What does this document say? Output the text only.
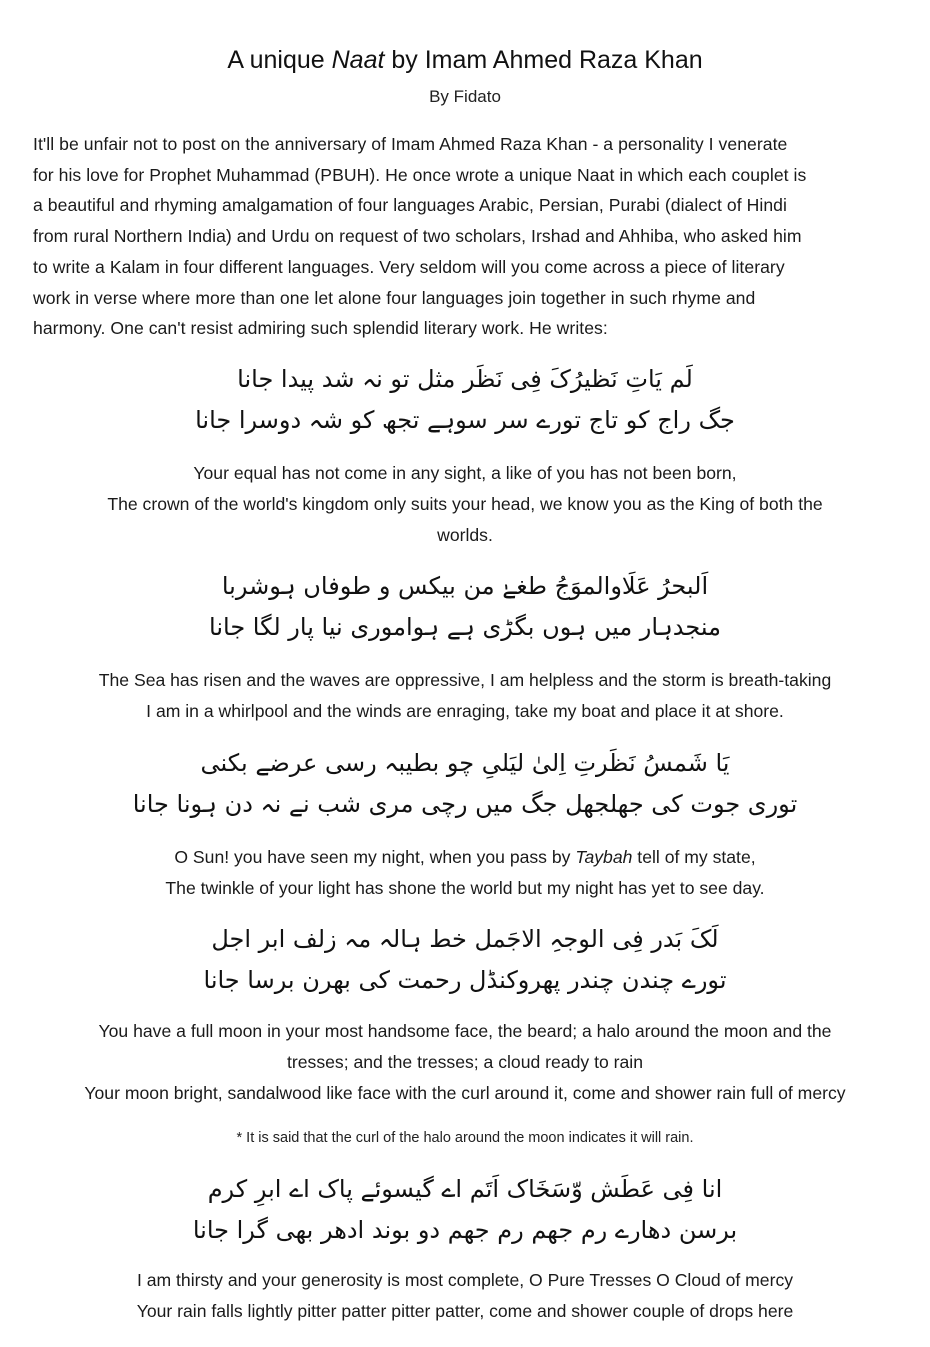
A unique Naat by Imam Ahmed Raza Khan
By Fidato

It'll be unfair not to post on the anniversary of Imam Ahmed Raza Khan - a personality I venerate
for his love for Prophet Muhammad (PBUH). He once wrote a unique Naat in which each couplet is
a beautiful and rhyming amalgamation of four languages Arabic, Persian, Purabi (dialect of Hindi
from rural Northern India) and Urdu on request of two scholars, Irshad and Ahhiba, who asked him
to write a Kalam in four different languages. Very seldom will you come across a piece of literary
work in verse where more than one let alone four languages join together in such rhyme and
harmony. One can't resist admiring such splendid literary work. He writes:

لَم یَاتِ نَظیرُکَ فِی نَظَر مثل تو نہ شد پیدا جانا
جگ راج کو تاج تورے سر سوہے تجھ کو شہ دوسرا جانا
Your equal has not come in any sight, a like of you has not been born,
The crown of the world's kingdom only suits your head, we know you as the King of both the
worlds.
اَلبحرُ عَلَاوالموَجُ طغےٰ من بیکس و طوفاں ہوشربا
منجدہار میں ہوں بگڑی ہے ہواموری نیا پار لگا جانا
The Sea has risen and the waves are oppressive, I am helpless and the storm is breath-taking
I am in a whirlpool and the winds are enraging, take my boat and place it at shore.
یَا شَمسُ نَظَرتِ اِلیٰ لیَلیِ چو بطیبہ رسی عرضے بکنی
توری جوت کی جھلجھل جگ میں رچی مری شب نے نہ دن ہونا جانا
O Sun! you have seen my night, when you pass by Taybah tell of my state,
The twinkle of your light has shone the world but my night has yet to see day.
لَکَ بَدر فِی الوجہِ الاجَمل خط ہالہ مہ زلف ابر اجل
تورے چندن چندر پھروکنڈل رحمت کی بھرن برسا جانا
You have a full moon in your most handsome face, the beard; a halo around the moon and the
tresses; and the tresses; a cloud ready to rain
Your moon bright, sandalwood like face with the curl around it, come and shower rain full of mercy
* It is said that the curl of the halo around the moon indicates it will rain.
انا فِی عَطَش وّسَخَاک اَتَم اے گیسوئے پاک اے ابرِ کرم
برسن دھارے رم جھم رم جھم دو بوند ادھر بھی گرا جانا
I am thirsty and your generosity is most complete, O Pure Tresses O Cloud of mercy
Your rain falls lightly pitter patter pitter patter, come and shower couple of drops here
